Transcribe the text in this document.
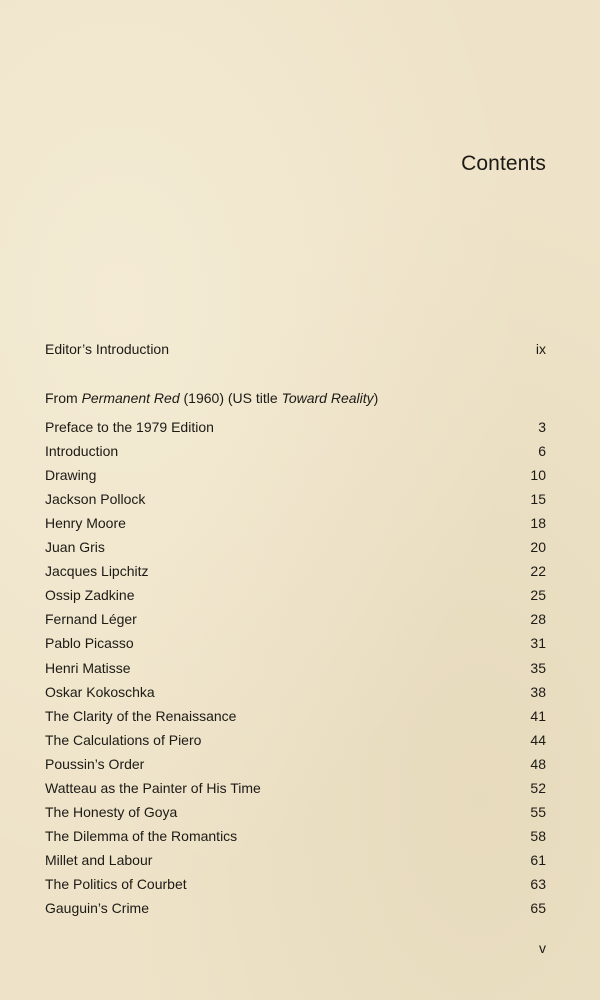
Contents
Editor’s Introduction	ix
From Permanent Red (1960) (US title Toward Reality)
Preface to the 1979 Edition	3
Introduction	6
Drawing	10
Jackson Pollock	15
Henry Moore	18
Juan Gris	20
Jacques Lipchitz	22
Ossip Zadkine	25
Fernand Léger	28
Pablo Picasso	31
Henri Matisse	35
Oskar Kokoschka	38
The Clarity of the Renaissance	41
The Calculations of Piero	44
Poussin’s Order	48
Watteau as the Painter of His Time	52
The Honesty of Goya	55
The Dilemma of the Romantics	58
Millet and Labour	61
The Politics of Courbet	63
Gauguin’s Crime	65
v
